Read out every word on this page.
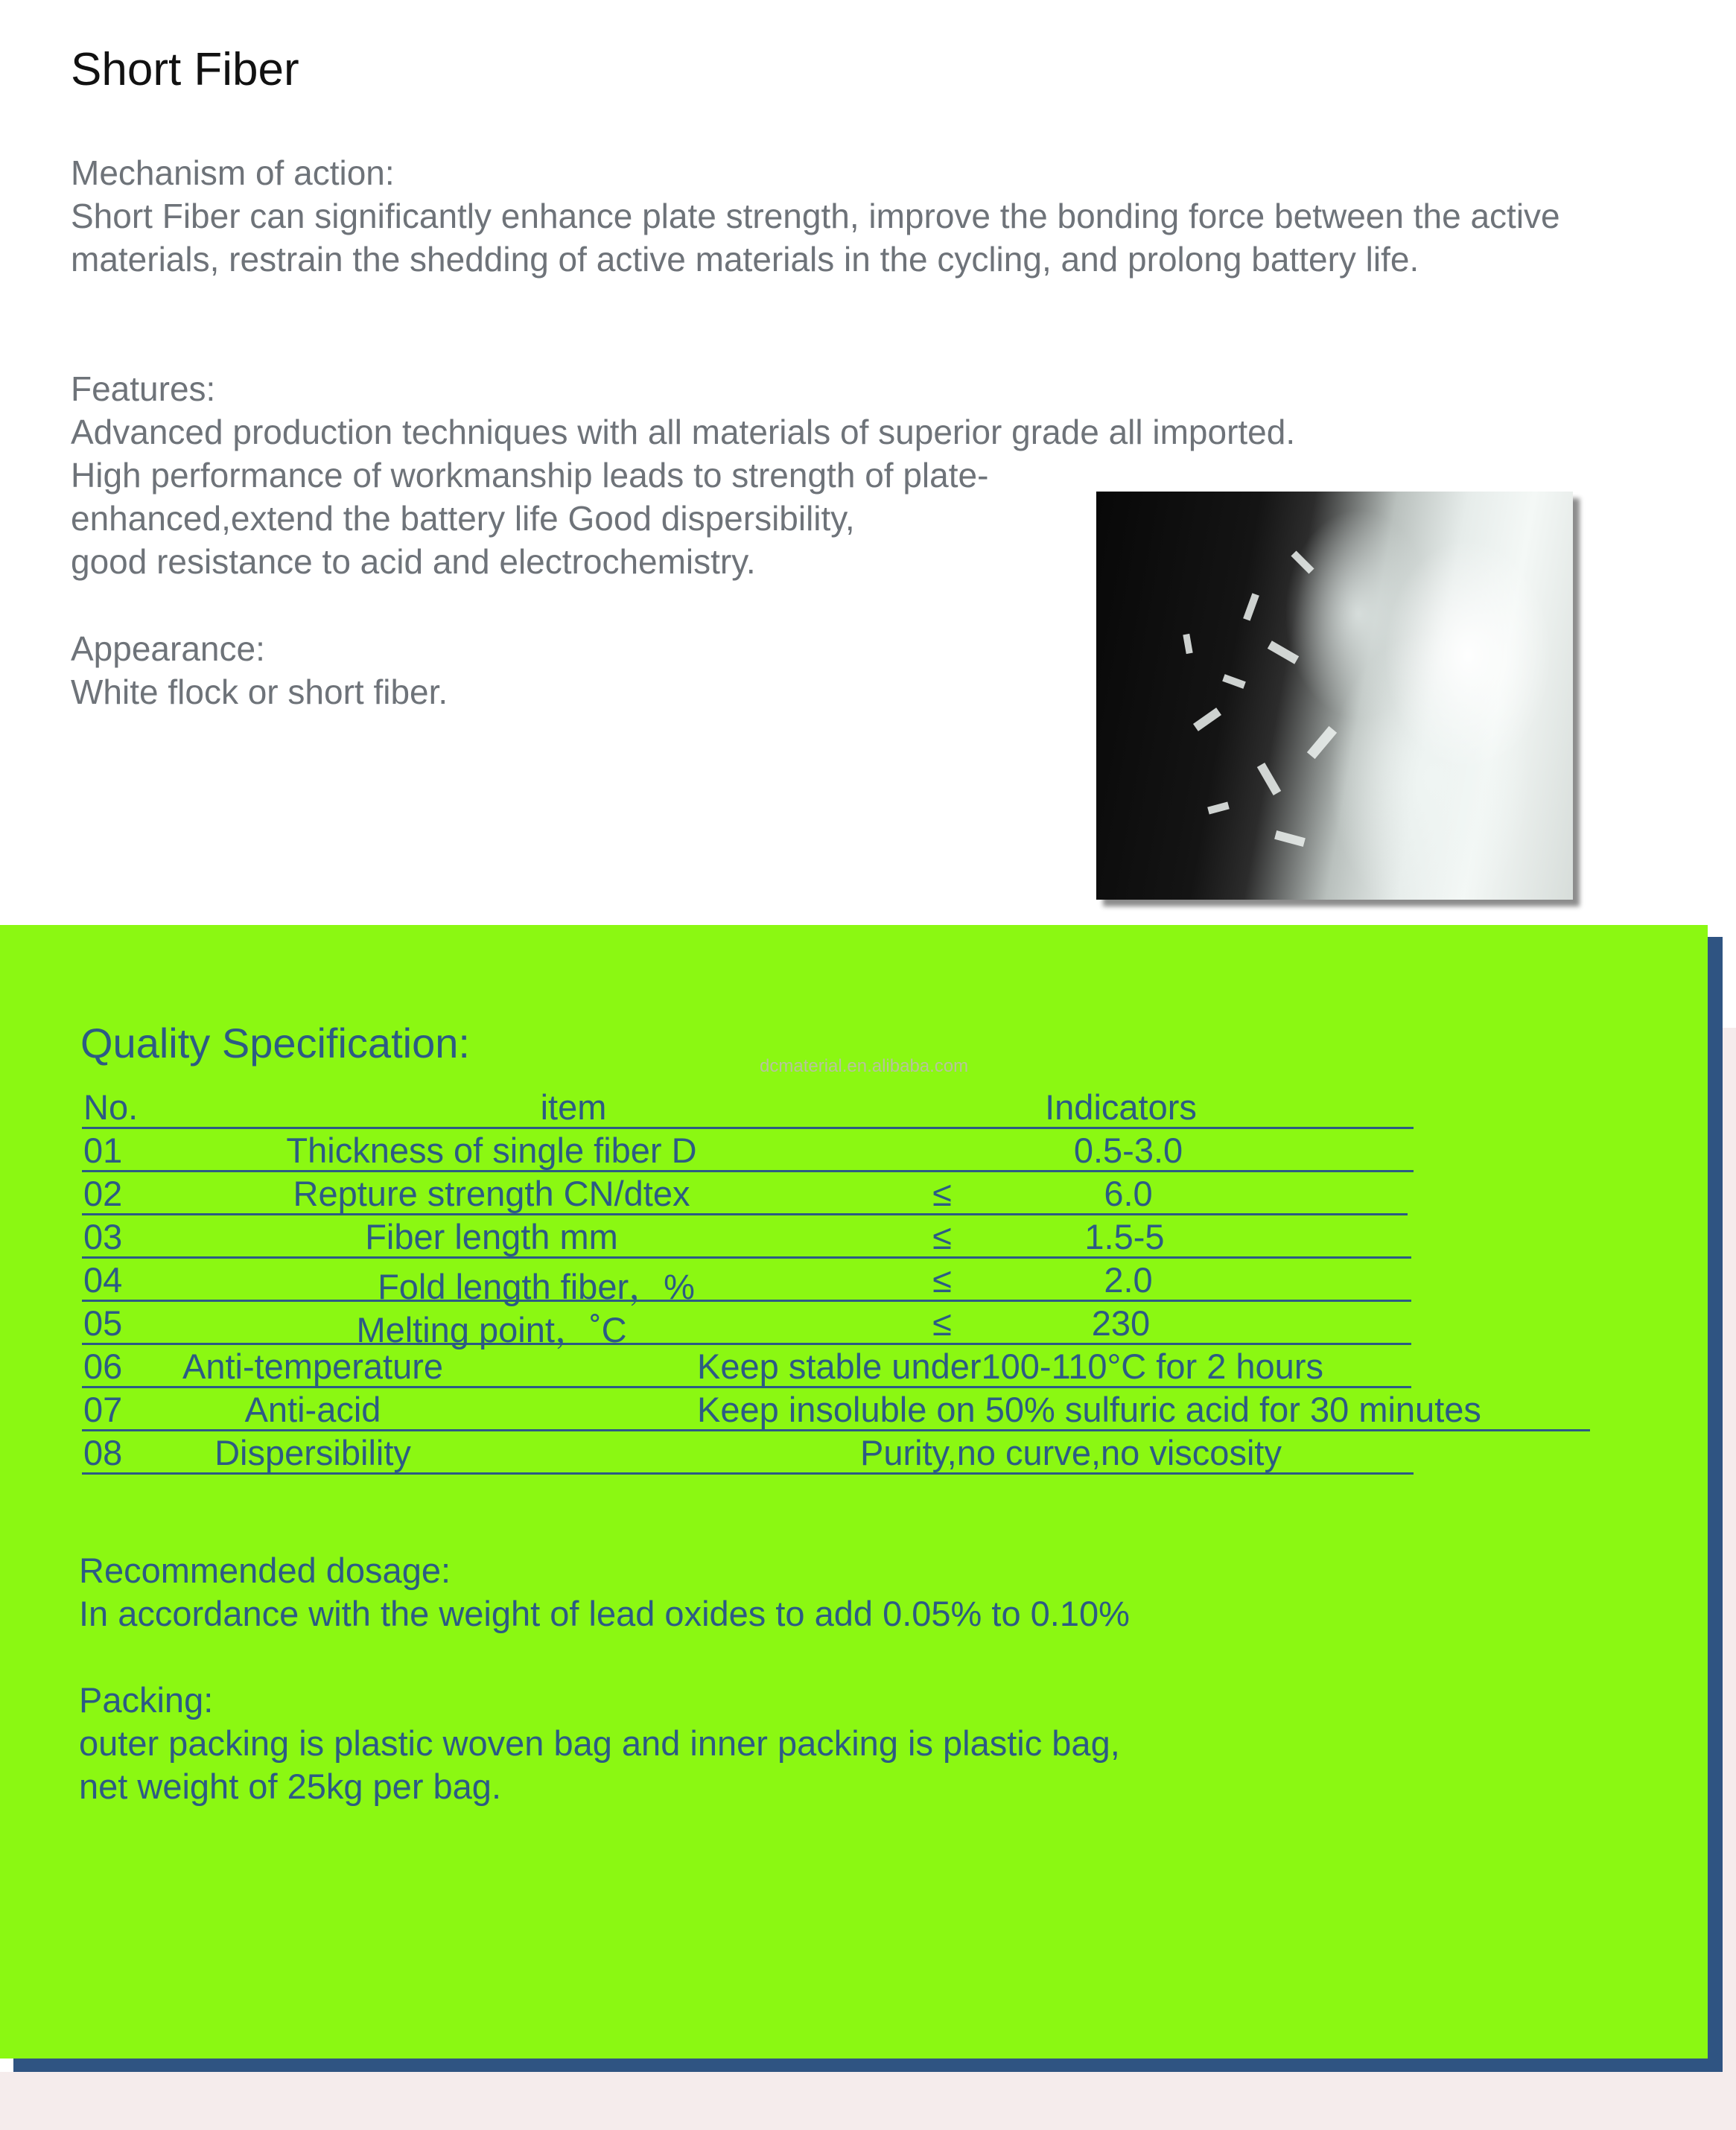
Short Fiber

Mechanism of action:

Short Fiber can significantly enhance plate strength, improve the bonding force between the active materials, restrain the shedding of active materials in the cycling, and prolong battery life.

Features:

Advanced production techniques with all materials of superior grade all imported.

High performance of workmanship leads to strength of plate-

enhanced,extend the battery life Good dispersibility,

good resistance to acid and electrochemistry.

Appearance:

White flock or short fiber.

Quality Specification:	dcmaterial.en.alibaba.com
No.	item	Indicators
01	Thickness of single fiber D	0.5-3.0
02	Repture strength CN/dtex	≤	6.0
03	Fiber length mm	≤	1.5-5
04	Fold length fiber，%	≤	2.0
05	Melting point，˚C	≤	230
06	Anti-temperature	Keep stable under100-110°C for 2 hours
07	Anti-acid	Keep insoluble on 50% sulfuric acid for 30 minutes
08	Dispersibility	Purity,no curve,no viscosity

Recommended dosage:

In accordance with the weight of lead oxides to add 0.05% to 0.10%

Packing:

outer packing is plastic woven bag and inner packing is plastic bag,

net weight of 25kg per bag.
